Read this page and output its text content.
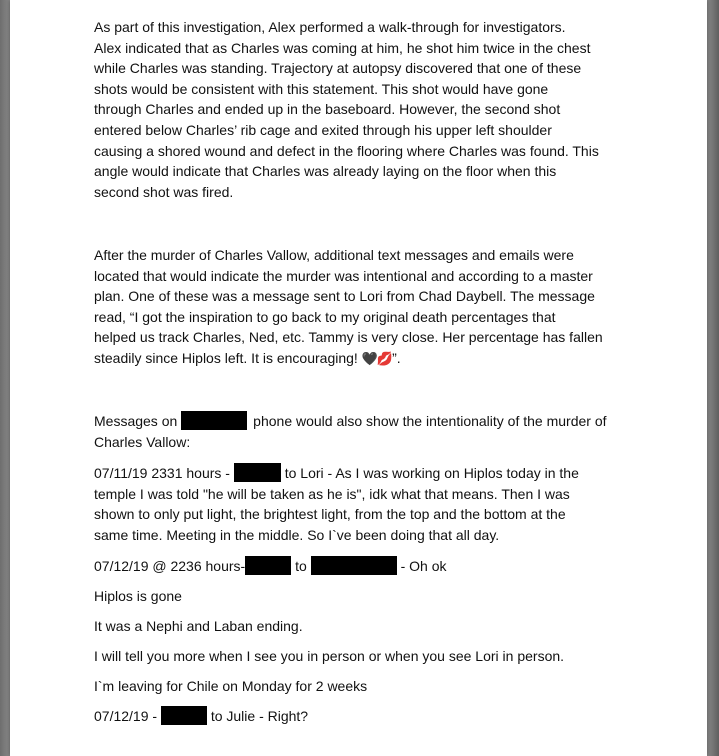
As part of this investigation, Alex performed a walk-through for investigators.
Alex indicated that as Charles was coming at him, he shot him twice in the chest
while Charles was standing. Trajectory at autopsy discovered that one of these
shots would be consistent with this statement. This shot would have gone
through Charles and ended up in the baseboard. However, the second shot
entered below Charles’ rib cage and exited through his upper left shoulder
causing a shored wound and defect in the flooring where Charles was found. This
angle would indicate that Charles was already laying on the floor when this
second shot was fired.
After the murder of Charles Vallow, additional text messages and emails were
located that would indicate the murder was intentional and according to a master
plan. One of these was a message sent to Lori from Chad Daybell. The message
read, “I got the inspiration to go back to my original death percentages that
helped us track Charles, Ned, etc. Tammy is very close. Her percentage has fallen
steadily since Hiplos left. It is encouraging! 🖤💋”.
Messages on	phone would also show the intentionality of the murder of
Charles Vallow:
07/11/19 2331 hours -	to Lori - As I was working on Hiplos today in the
temple I was told "he will be taken as he is", idk what that means. Then I was
shown to only put light, the brightest light, from the top and the bottom at the
same time. Meeting in the middle. So I`ve been doing that all day.
07/12/19 @ 2236 hours-	to	- Oh ok
Hiplos is gone
It was a Nephi and Laban ending.
I will tell you more when I see you in person or when you see Lori in person.
I`m leaving for Chile on Monday for 2 weeks
07/12/19 -	to Julie - Right?
